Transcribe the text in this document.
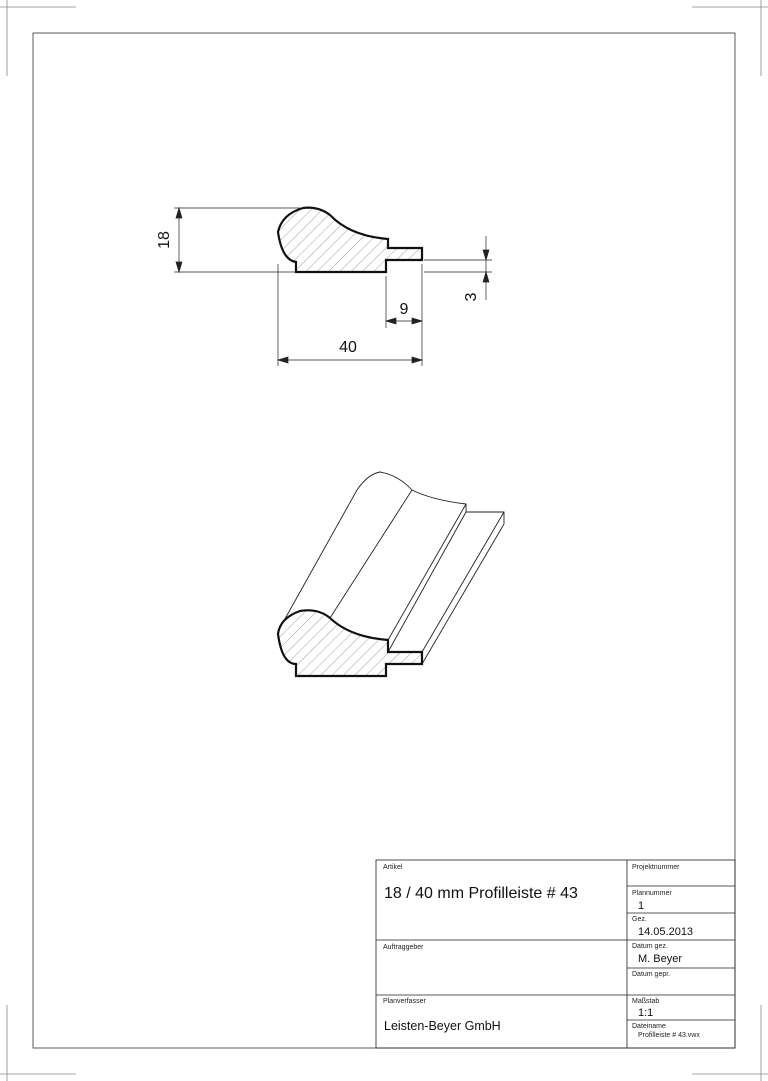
18
40
9
3
Artikel
18 / 40 mm Profilleiste # 43
Projektnummer
Plannummer
1
Gez.
14.05.2013
Auftraggeber	Datum gez.
M. Beyer
Datum gepr.
Planverfasser
Leisten-Beyer GmbH
Maßstab
1:1
Dateiname
Profilleiste # 43.vwx
